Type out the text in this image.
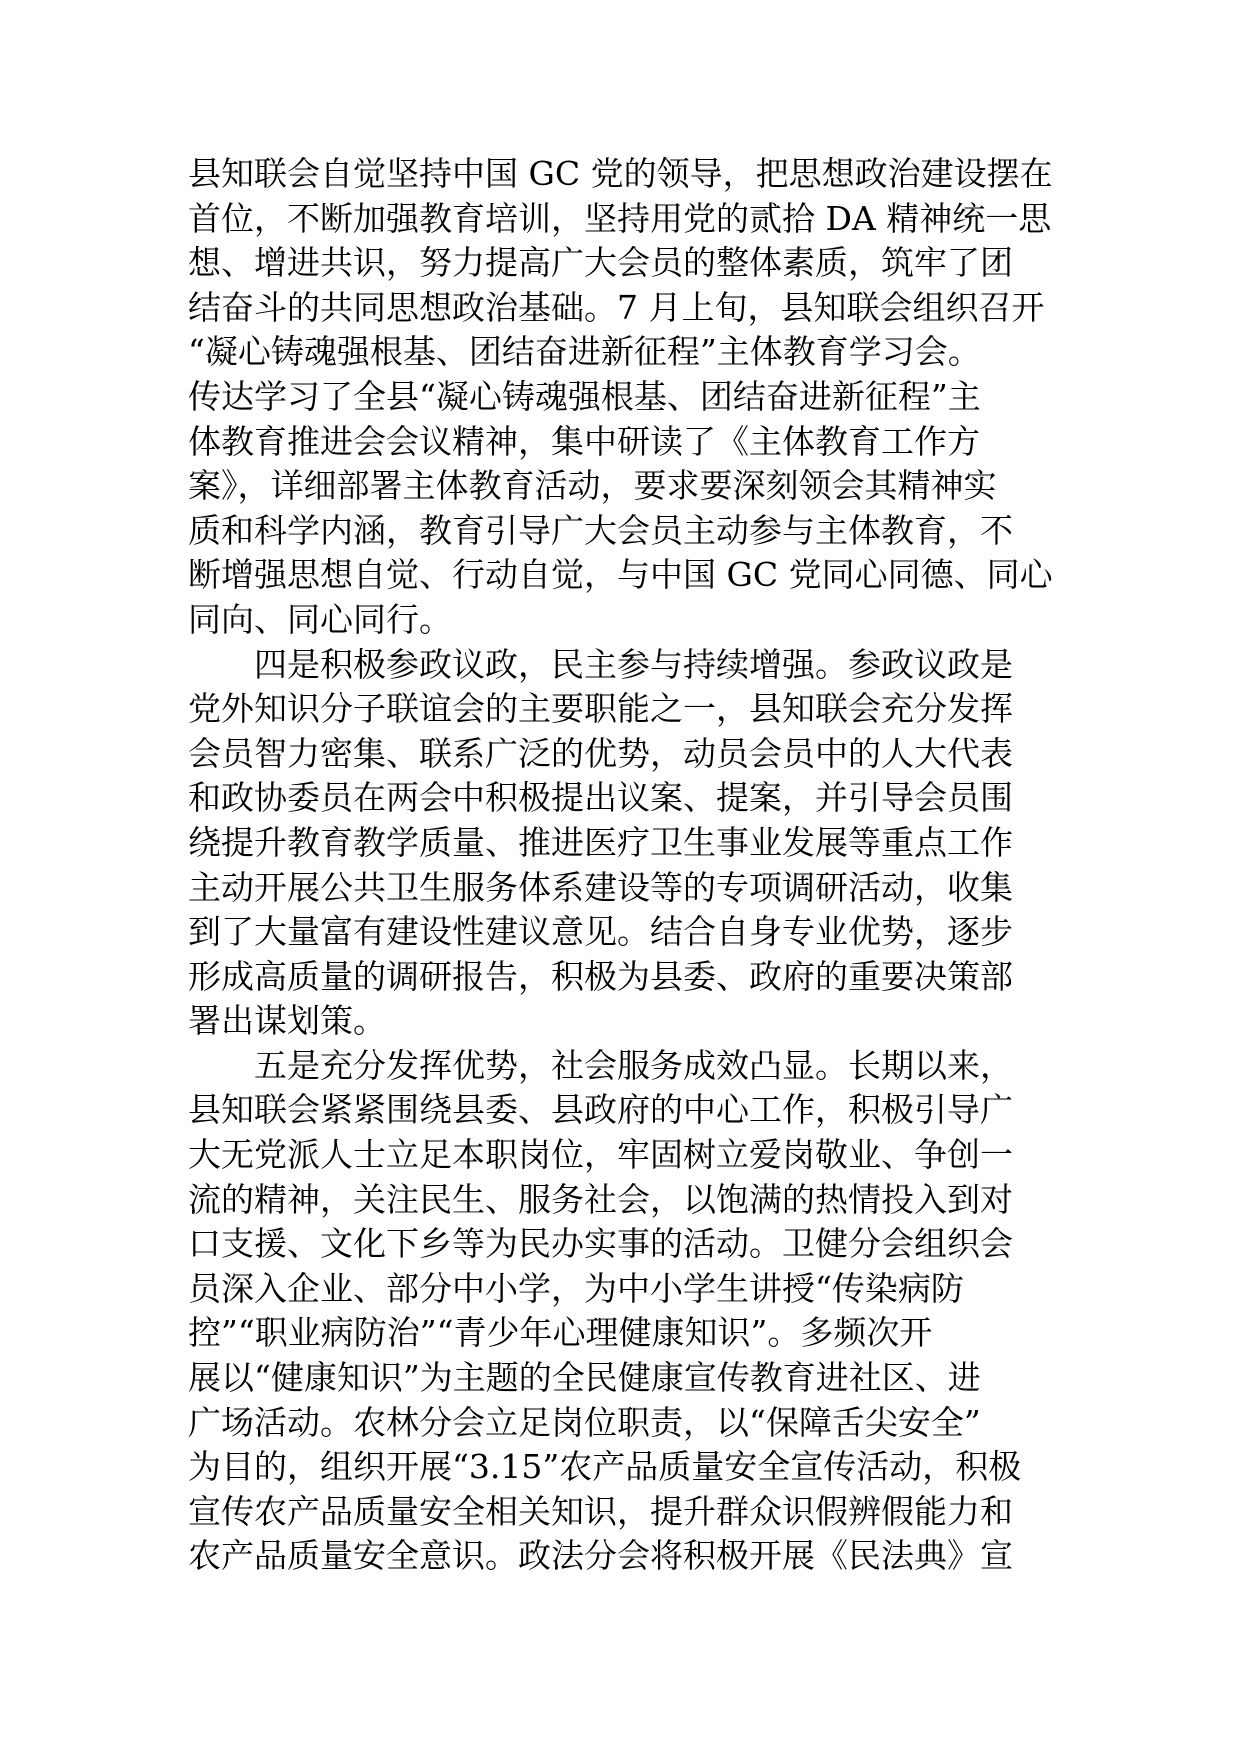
县知联会自觉坚持中国 GC 党的领导，把思想政治建设摆在
首位，不断加强教育培训，坚持用党的贰拾 DA 精神统一思
想、增进共识，努力提高广大会员的整体素质，筑牢了团
结奋斗的共同思想政治基础。7 月上旬，县知联会组织召开
“凝心铸魂强根基、团结奋进新征程”主体教育学习会。
传达学习了全县“凝心铸魂强根基、团结奋进新征程”主
体教育推进会会议精神，集中研读了《主体教育工作方
案》，详细部署主体教育活动，要求要深刻领会其精神实
质和科学内涵，教育引导广大会员主动参与主体教育，不
断增强思想自觉、行动自觉，与中国 GC 党同心同德、同心
同向、同心同行。
四是积极参政议政，民主参与持续增强。参政议政是
党外知识分子联谊会的主要职能之一，县知联会充分发挥
会员智力密集、联系广泛的优势，动员会员中的人大代表
和政协委员在两会中积极提出议案、提案，并引导会员围
绕提升教育教学质量、推进医疗卫生事业发展等重点工作
主动开展公共卫生服务体系建设等的专项调研活动，收集
到了大量富有建设性建议意见。结合自身专业优势，逐步
形成高质量的调研报告，积极为县委、政府的重要决策部
署出谋划策。
五是充分发挥优势，社会服务成效凸显。长期以来，
县知联会紧紧围绕县委、县政府的中心工作，积极引导广
大无党派人士立足本职岗位，牢固树立爱岗敬业、争创一
流的精神，关注民生、服务社会，以饱满的热情投入到对
口支援、文化下乡等为民办实事的活动。卫健分会组织会
员深入企业、部分中小学，为中小学生讲授“传染病防
控”“职业病防治”“青少年心理健康知识”。多频次开
展以“健康知识”为主题的全民健康宣传教育进社区、进
广场活动。农林分会立足岗位职责，以“保障舌尖安全”
为目的，组织开展“3.15”农产品质量安全宣传活动，积极
宣传农产品质量安全相关知识，提升群众识假辨假能力和
农产品质量安全意识。政法分会将积极开展《民法典》宣
